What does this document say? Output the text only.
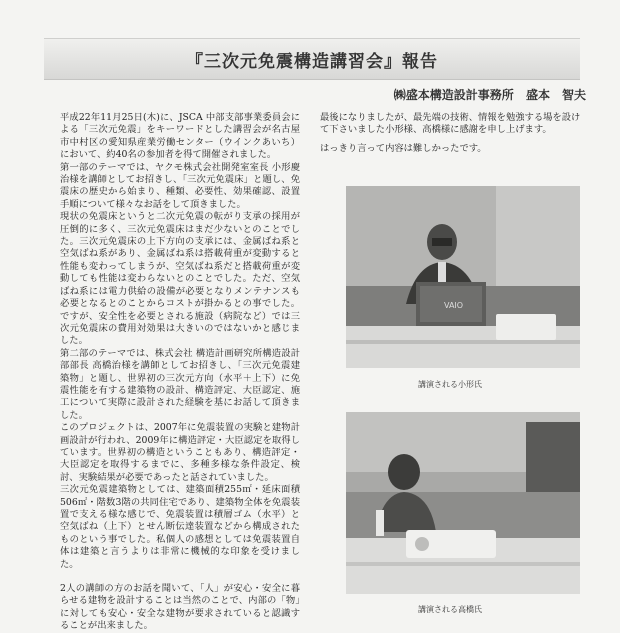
『三次元免震構造講習会』報告
㈱盛本構造設計事務所 盛本　智夫

平成22年11月25日(木)に、JSCA 中部支部事業委員会による「三次元免震」をキーワードとした講習会が名古屋市中村区の愛知県産業労働センター（ウインクあいち）において、約40名の参加者を得て開催されました。

第一部のテーマでは、ヤクモ株式会社開発室室長 小形慶治様を講師としてお招きし、「三次元免震床」と題し、免震床の歴史から始まり、種類、必要性、効果確認、設置手順について様々なお話をして頂きました。

現状の免震床というと二次元免震の転がり支承の採用が圧倒的に多く、三次元免震床はまだ少ないとのことでした。三次元免震床の上下方向の支承には、金属ばね系と空気ばね系があり、金属ばね系は搭載荷重が変動すると性能も変わってしまうが、空気ばね系だと搭載荷重が変動しても性能は変わらないとのことでした。ただ、空気ばね系には電力供給の設備が必要となりメンテナンスも必要となるとのことからコストが掛かるとの事でした。ですが、安全性を必要とされる施設（病院など）では三次元免震床の費用対効果は大きいのではないかと感じました。

第二部のテーマでは、株式会社 構造計画研究所構造設計部部長 高橋治様を講師としてお招きし、「三次元免震建築物」と題し、世界初の三次元方向（水平＋上下）に免震性能を有する建築物の設計、構造評定、大臣認定、施工について実際に設計された経験を基にお話して頂きました。

このプロジェクトは、2007年に免震装置の実験と建物計画設計が行われ、2009年に構造評定・大臣認定を取得しています。世界初の構造ということもあり、構造評定・大臣認定を取得するまでに、多種多様な条件設定、検討、実験結果が必要であったと話されていました。

三次元免震建築物としては、建築面積255㎡・延床面積506㎡・階数3階の共同住宅であり、建築物全体を免震装置で支える様な感じで、免震装置は積層ゴム（水平）と空気ばね（上下）とせん断伝達装置などから構成されたものという事でした。私個人の感想としては免震装置自体は建築と言うよりは非常に機械的な印象を受けました。

2人の講師の方のお話を聞いて、「人」が安心・安全に暮らせる建物を設計することは当然のことで、内部の「物」に対しても安心・安全な建物が要求されていると認識することが出来ました。

最後になりましたが、最先端の技術、情報を勉強する場を設けて下さいました小形様、高橋様に感謝を申し上げます。

はっきり言って内容は難しかったです。

VAIO
講演される小形氏
講演される高橋氏
